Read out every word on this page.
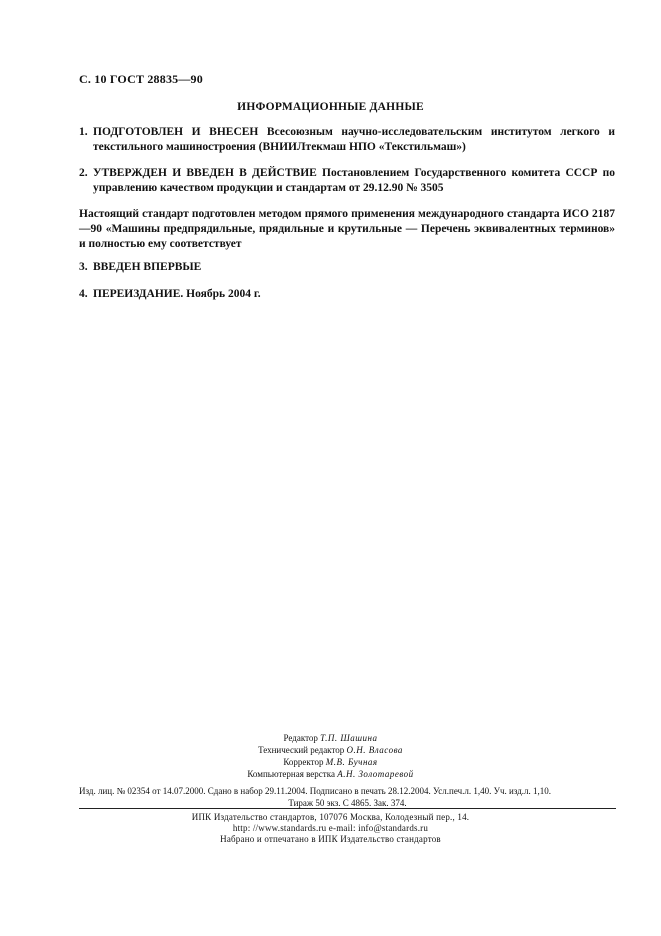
С. 10 ГОСТ 28835—90
ИНФОРМАЦИОННЫЕ ДАННЫЕ
1. ПОДГОТОВЛЕН И ВНЕСЕН Всесоюзным научно-исследовательским институтом легкого и текстильного машиностроения (ВНИИЛтекмаш НПО «Текстильмаш»)
2. УТВЕРЖДЕН И ВВЕДЕН В ДЕЙСТВИЕ Постановлением Государственного комитета СССР по управлению качеством продукции и стандартам от 29.12.90 № 3505
Настоящий стандарт подготовлен методом прямого применения международного стандарта ИСО 2187—90 «Машины предпрядильные, прядильные и крутильные — Перечень эквивалентных терминов» и полностью ему соответствует
3. ВВЕДЕН ВПЕРВЫЕ
4. ПЕРЕИЗДАНИЕ. Ноябрь 2004 г.
Редактор Т.П. Шашина
Технический редактор О.Н. Власова
Корректор М.В. Бучная
Компьютерная верстка А.Н. Золотаревой
Изд. лиц. № 02354 от 14.07.2000. Сдано в набор 29.11.2004. Подписано в печать 28.12.2004. Усл.печ.л. 1,40. Уч. изд.л. 1,10.
Тираж 50 экз. С 4865. Зак. 374.
ИПК Издательство стандартов, 107076 Москва, Колодезный пер., 14.
http: //www.standards.ru e-mail: info@standards.ru
Набрано и отпечатано в ИПК Издательство стандартов
